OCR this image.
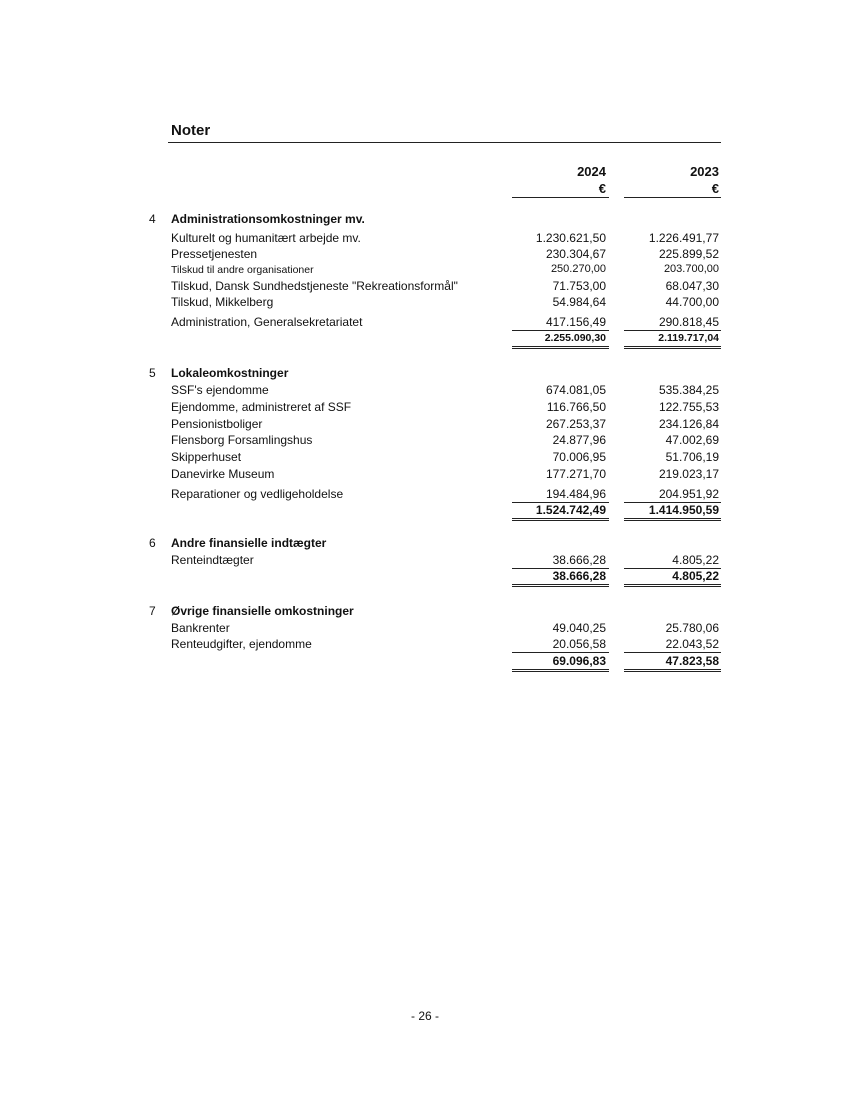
Noter
2024	2023
€	€
4 Administrationsomkostninger mv.
Kulturelt og humanitært arbejde mv.	1.230.621,50	1.226.491,77
Pressetjenesten	230.304,67	225.899,52
Tilskud til andre organisationer	250.270,00	203.700,00
Tilskud, Dansk Sundhedstjeneste "Rekreationsformål"	71.753,00	68.047,30
Tilskud, Mikkelberg	54.984,64	44.700,00
Administration, Generalsekretariatet	417.156,49	290.818,45
2.255.090,30	2.119.717,04
5 Lokaleomkostninger
SSF's ejendomme	674.081,05	535.384,25
Ejendomme, administreret af SSF	116.766,50	122.755,53
Pensionistboliger	267.253,37	234.126,84
Flensborg Forsamlingshus	24.877,96	47.002,69
Skipperhuset	70.006,95	51.706,19
Danevirke Museum	177.271,70	219.023,17
Reparationer og vedligeholdelse	194.484,96	204.951,92
1.524.742,49	1.414.950,59
6 Andre finansielle indtægter
Renteindtægter	38.666,28	4.805,22
38.666,28	4.805,22
7 Øvrige finansielle omkostninger
Bankrenter	49.040,25	25.780,06
Renteudgifter, ejendomme	20.056,58	22.043,52
69.096,83	47.823,58
- 26 -
